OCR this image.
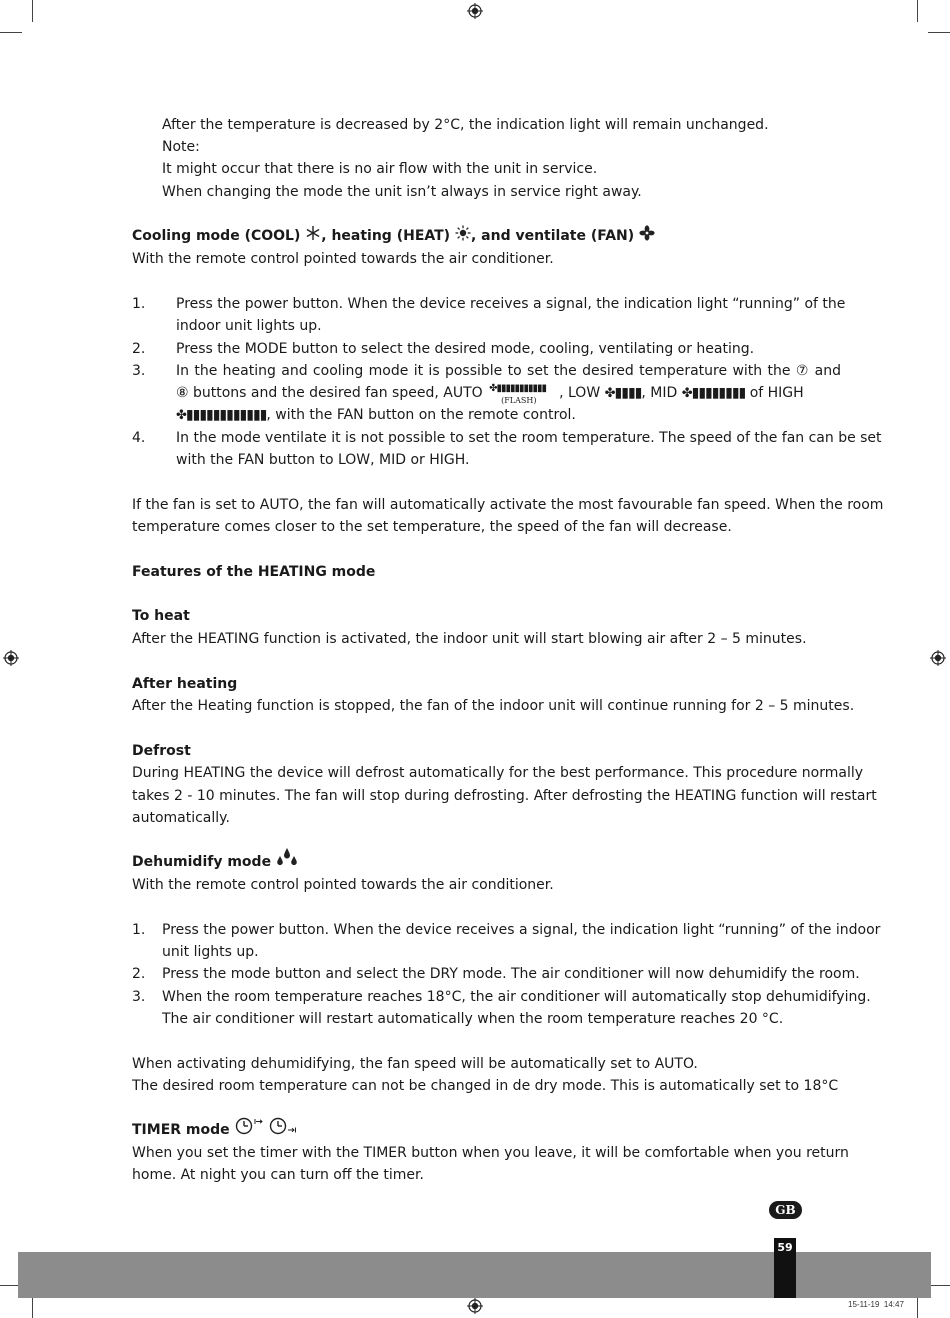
After the temperature is decreased by 2°C, the indication light will remain unchanged.
Note:
It might occur that there is no air flow with the unit in service.
When changing the mode the unit isn’t always in service right away.
Cooling mode (COOL) , heating (HEAT) , and ventilate (FAN)
With the remote control pointed towards the air conditioner.
1. Press the power button. When the device receives a signal, the indication light “running” of the
indoor unit lights up.
2. Press the MODE button to select the desired mode, cooling, ventilating or heating.
3. In the heating and cooling mode it is possible to set the desired temperature with the ⑦ and
⑧ buttons and the desired fan speed, AUTO ✤▮▮▮▮▮▮▮▮▮▮▮
(FLASH) , LOW ✤▮▮▮▮, MID ✤▮▮▮▮▮▮▮▮ of HIGH
✤▮▮▮▮▮▮▮▮▮▮▮▮, with the FAN button on the remote control.
4. In the mode ventilate it is not possible to set the room temperature. The speed of the fan can be set
with the FAN button to LOW, MID or HIGH.
If the fan is set to AUTO, the fan will automatically activate the most favourable fan speed. When the room
temperature comes closer to the set temperature, the speed of the fan will decrease.
Features of the HEATING mode
To heat
After the HEATING function is activated, the indoor unit will start blowing air after 2 – 5 minutes.
After heating
After the Heating function is stopped, the fan of the indoor unit will continue running for 2 – 5 minutes.
Defrost
During HEATING the device will defrost automatically for the best performance. This procedure normally
takes 2 - 10 minutes. The fan will stop during defrosting. After defrosting the HEATING function will restart
automatically.
Dehumidify mode
With the remote control pointed towards the air conditioner.
1. Press the power button. When the device receives a signal, the indication light “running” of the indoor
unit lights up.
2. Press the mode button and select the DRY mode. The air conditioner will now dehumidify the room.
3. When the room temperature reaches 18°C, the air conditioner will automatically stop dehumidifying.
The air conditioner will restart automatically when the room temperature reaches 20 °C.
When activating dehumidifying, the fan speed will be automatically set to AUTO.
The desired room temperature can not be changed in de dry mode. This is automatically set to 18°C
TIMER mode
When you set the timer with the TIMER button when you leave, it will be comfortable when you return
home. At night you can turn off the timer.
GB
59
15-11-19  14:47
